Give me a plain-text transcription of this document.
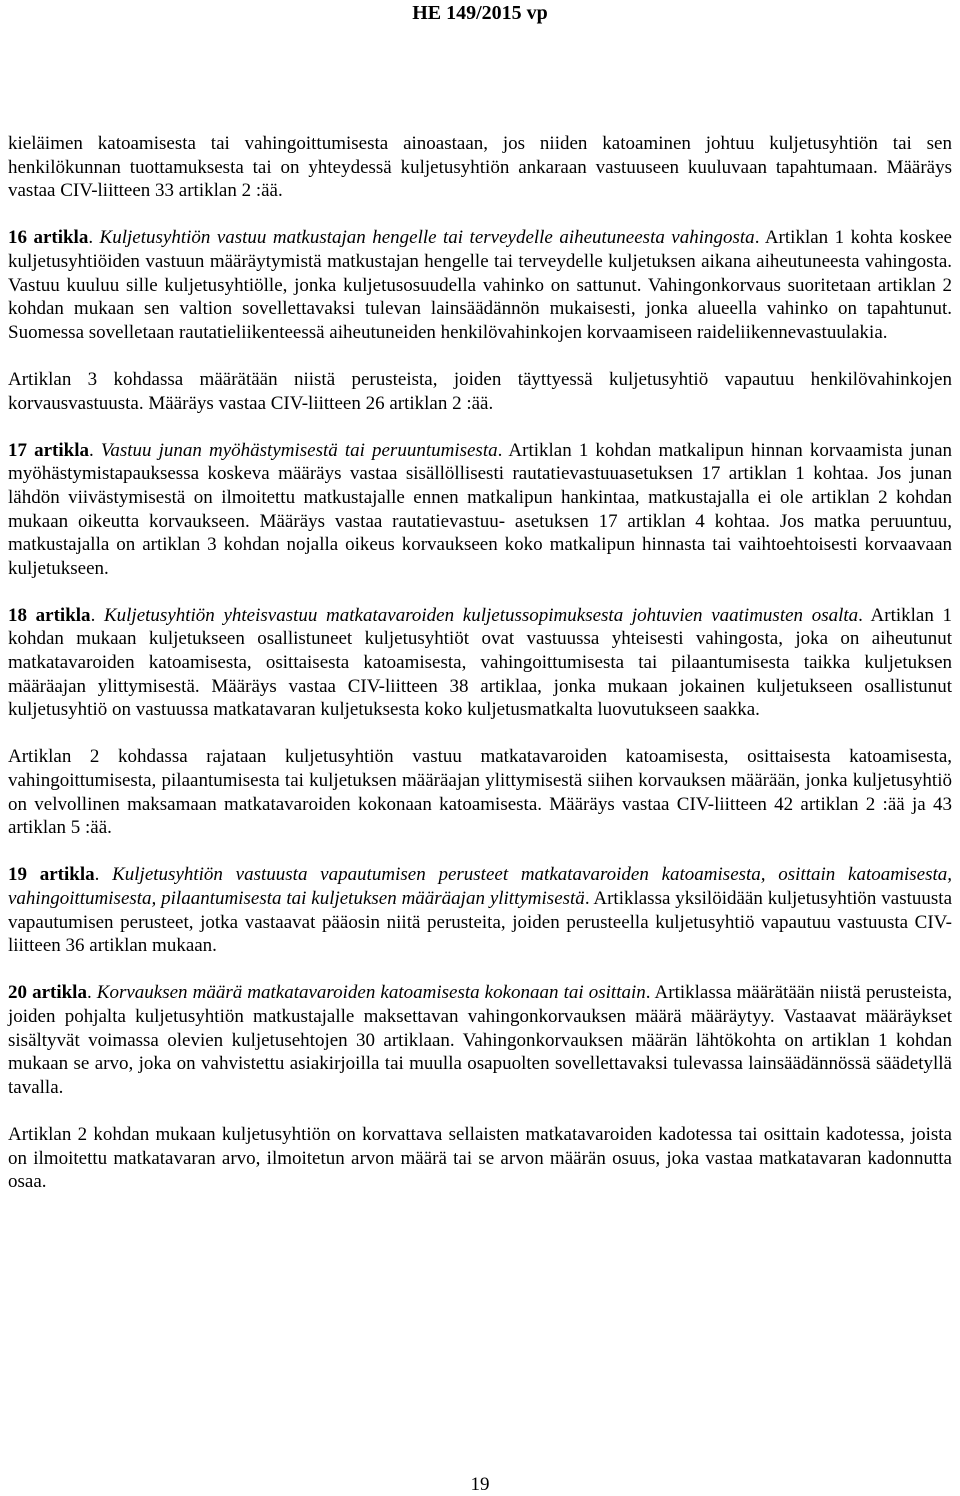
HE 149/2015 vp

kieläimen katoamisesta tai vahingoittumisesta ainoastaan, jos niiden katoaminen johtuu kuljetusyhtiön tai sen henkilökunnan tuottamuksesta tai on yhteydessä kuljetusyhtiön ankaraan vastuuseen kuuluvaan tapahtumaan. Määräys vastaa CIV-liitteen 33 artiklan 2 :ää.

16 artikla. Kuljetusyhtiön vastuu matkustajan hengelle tai terveydelle aiheutuneesta vahingosta. Artiklan 1 kohta koskee kuljetusyhtiöiden vastuun määräytymistä matkustajan hengelle tai terveydelle kuljetuksen aikana aiheutuneesta vahingosta. Vastuu kuuluu sille kuljetusyhtiölle, jonka kuljetusosuudella vahinko on sattunut. Vahingonkorvaus suoritetaan artiklan 2 kohdan mukaan sen valtion sovellettavaksi tulevan lainsäädännön mukaisesti, jonka alueella vahinko on tapahtunut. Suomessa sovelletaan rautatieliikenteessä aiheutuneiden henkilövahinkojen korvaamiseen raideliikennevastuulakia.

Artiklan 3 kohdassa määrätään niistä perusteista, joiden täyttyessä kuljetusyhtiö vapautuu henkilövahinkojen korvausvastuusta. Määräys vastaa CIV-liitteen 26 artiklan 2 :ää.

17 artikla. Vastuu junan myöhästymisestä tai peruuntumisesta. Artiklan 1 kohdan matkalipun hinnan korvaamista junan myöhästymistapauksessa koskeva määräys vastaa sisällöllisesti rautatievastuuasetuksen 17 artiklan 1 kohtaa. Jos junan lähdön viivästymisestä on ilmoitettu matkustajalle ennen matkalipun hankintaa, matkustajalla ei ole artiklan 2 kohdan mukaan oikeutta korvaukseen. Määräys vastaa rautatievastuu- asetuksen 17 artiklan 4 kohtaa. Jos matka peruuntuu, matkustajalla on artiklan 3 kohdan nojalla oikeus korvaukseen koko matkalipun hinnasta tai vaihtoehtoisesti korvaavaan kuljetukseen.

18 artikla. Kuljetusyhtiön yhteisvastuu matkatavaroiden kuljetussopimuksesta johtuvien vaatimusten osalta. Artiklan 1 kohdan mukaan kuljetukseen osallistuneet kuljetusyhtiöt ovat vastuussa yhteisesti vahingosta, joka on aiheutunut matkatavaroiden katoamisesta, osittaisesta katoamisesta, vahingoittumisesta tai pilaantumisesta taikka kuljetuksen määräajan ylittymisestä. Määräys vastaa CIV-liitteen 38 artiklaa, jonka mukaan jokainen kuljetukseen osallistunut kuljetusyhtiö on vastuussa matkatavaran kuljetuksesta koko kuljetusmatkalta luovutukseen saakka.

Artiklan 2 kohdassa rajataan kuljetusyhtiön vastuu matkatavaroiden katoamisesta, osittaisesta katoamisesta, vahingoittumisesta, pilaantumisesta tai kuljetuksen määräajan ylittymisestä siihen korvauksen määrään, jonka kuljetusyhtiö on velvollinen maksamaan matkatavaroiden kokonaan katoamisesta. Määräys vastaa CIV-liitteen 42 artiklan 2 :ää ja 43 artiklan 5 :ää.

19 artikla. Kuljetusyhtiön vastuusta vapautumisen perusteet matkatavaroiden katoamisesta, osittain katoamisesta, vahingoittumisesta, pilaantumisesta tai kuljetuksen määräajan ylittymisestä. Artiklassa yksilöidään kuljetusyhtiön vastuusta vapautumisen perusteet, jotka vastaavat pääosin niitä perusteita, joiden perusteella kuljetusyhtiö vapautuu vastuusta CIV-liitteen 36 artiklan mukaan.

20 artikla. Korvauksen määrä matkatavaroiden katoamisesta kokonaan tai osittain. Artiklassa määrätään niistä perusteista, joiden pohjalta kuljetusyhtiön matkustajalle maksettavan vahingonkorvauksen määrä määräytyy. Vastaavat määräykset sisältyvät voimassa olevien kuljetusehtojen 30 artiklaan. Vahingonkorvauksen määrän lähtökohta on artiklan 1 kohdan mukaan se arvo, joka on vahvistettu asiakirjoilla tai muulla osapuolten sovellettavaksi tulevassa lainsäädännössä säädetyllä tavalla.

Artiklan 2 kohdan mukaan kuljetusyhtiön on korvattava sellaisten matkatavaroiden kadotessa tai osittain kadotessa, joista on ilmoitettu matkatavaran arvo, ilmoitetun arvon määrä tai se arvon määrän osuus, joka vastaa matkatavaran kadonnutta osaa.

19
